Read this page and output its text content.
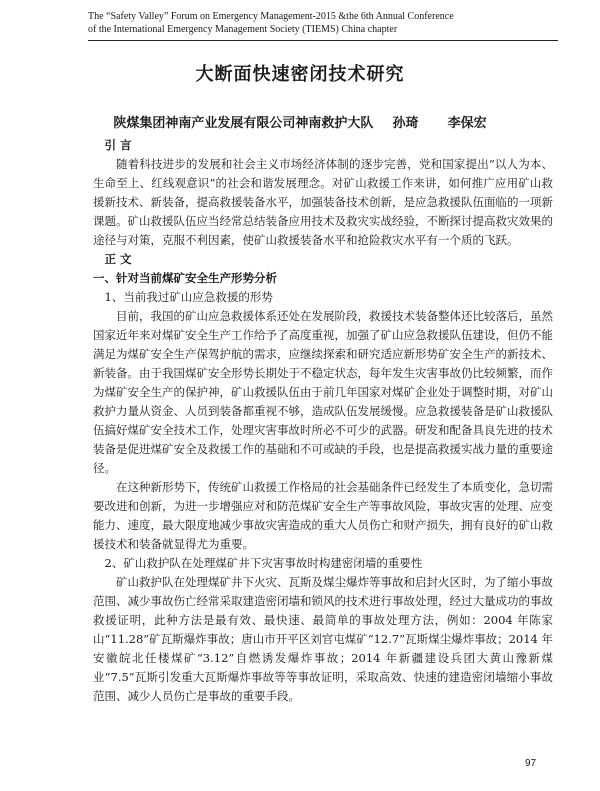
The “Safety Valley” Forum on Emergency Management-2015 &the 6th Annual Conference
of the International Emergency Management Society (TIEMS) China chapter
大断面快速密闭技术研究
陕煤集团神南产业发展有限公司神南救护大队 孙琦 李保宏

引 言

随着科技进步的发展和社会主义市场经济体制的逐步完善，党和国家提出“以人为本、生命至上、红线观意识”的社会和谐发展理念。对矿山救援工作来讲，如何推广应用矿山救援新技术、新装备，提高救援装备水平，加强装备技术创新，是应急救援队伍面临的一项新课题。矿山救援队伍应当经常总结装备应用技术及救灾实战经验，不断探讨提高救灾效果的途径与对策，克服不利因素，使矿山救援装备水平和抢险救灾水平有一个质的飞跃。

正 文

一、针对当前煤矿安全生产形势分析

1、当前我过矿山应急救援的形势

目前，我国的矿山应急救援体系还处在发展阶段，救援技术装备整体还比较落后，虽然国家近年来对煤矿安全生产工作给予了高度重视，加强了矿山应急救援队伍建设，但仍不能满足为煤矿安全生产保驾护航的需求，应继续探索和研究适应新形势矿安全生产的新技术、新装备。由于我国煤矿安全形势长期处于不稳定状态，每年发生灾害事故仍比较频繁，而作为煤矿安全生产的保护神，矿山救援队伍由于前几年国家对煤矿企业处于调整时期，对矿山救护力量从资金、人员到装备都重视不够，造成队伍发展缓慢。应急救援装备是矿山救援队伍搞好煤矿安全技术工作，处理灾害事故时所必不可少的武器。研发和配备具良先进的技术装备是促进煤矿安全及救援工作的基础和不可或缺的手段，也是提高救援实战力量的重要途径。

在这种新形势下，传统矿山救援工作格局的社会基础条件已经发生了本质变化，急切需要改进和创新，为进一步增强应对和防范煤矿安全生产等事故风险，事故灾害的处理、应变能力、速度，最大限度地减少事故灾害造成的重大人员伤亡和财产损失，拥有良好的矿山救援技术和装备就显得尤为重要。

2、矿山救护队在处理煤矿井下灾害事故时构建密闭墙的重要性

矿山救护队在处理煤矿井下火灾、瓦斯及煤尘爆炸等事故和启封火区时，为了缩小事故范围、减少事故伤亡经常采取建造密闭墙和锁风的技术进行事故处理，经过大量成功的事故救援证明，此种方法是最有效、最快速、最简单的事故处理方法，例如：2004 年陈家山“11.28”矿瓦斯爆炸事故；唐山市开平区刘官屯煤矿“12.7”瓦斯煤尘爆炸事故；2014 年安徽皖北任楼煤矿“3.12”自燃诱发爆炸事故；2014 年新疆建设兵团大黄山豫新煤业“7.5”瓦斯引发重大瓦斯爆炸事故等等事故证明，采取高效、快速的建造密闭墙缩小事故范围、减少人员伤亡是事故的重要手段。

97
